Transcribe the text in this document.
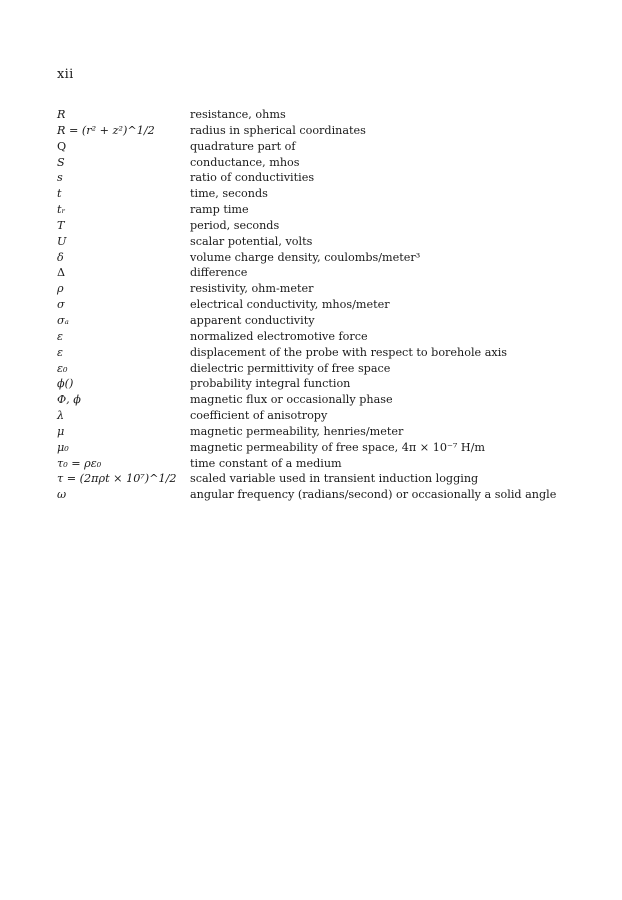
xii
R	resistance, ohms
R = (r² + z²)^1/2	radius in spherical coordinates
Q	quadrature part of
S	conductance, mhos
s	ratio of conductivities
t	time, seconds
tᵣ	ramp time
T	period, seconds
U	scalar potential, volts
δ	volume charge density, coulombs/meter³
Δ	difference
ρ	resistivity, ohm-meter
σ	electrical conductivity, mhos/meter
σₐ	apparent conductivity
ε	normalized electromotive force
ε	displacement of the probe with respect to borehole axis
ε₀	dielectric permittivity of free space
ϕ()	probability integral function
Φ, ϕ	magnetic flux or occasionally phase
λ	coefficient of anisotropy
μ	magnetic permeability, henries/meter
μ₀	magnetic permeability of free space, 4π × 10⁻⁷ H/m
τ₀ = ρε₀	time constant of a medium
τ = (2πρt × 10⁷)^1/2	scaled variable used in transient induction logging
ω	angular frequency (radians/second) or occasionally a solid angle
